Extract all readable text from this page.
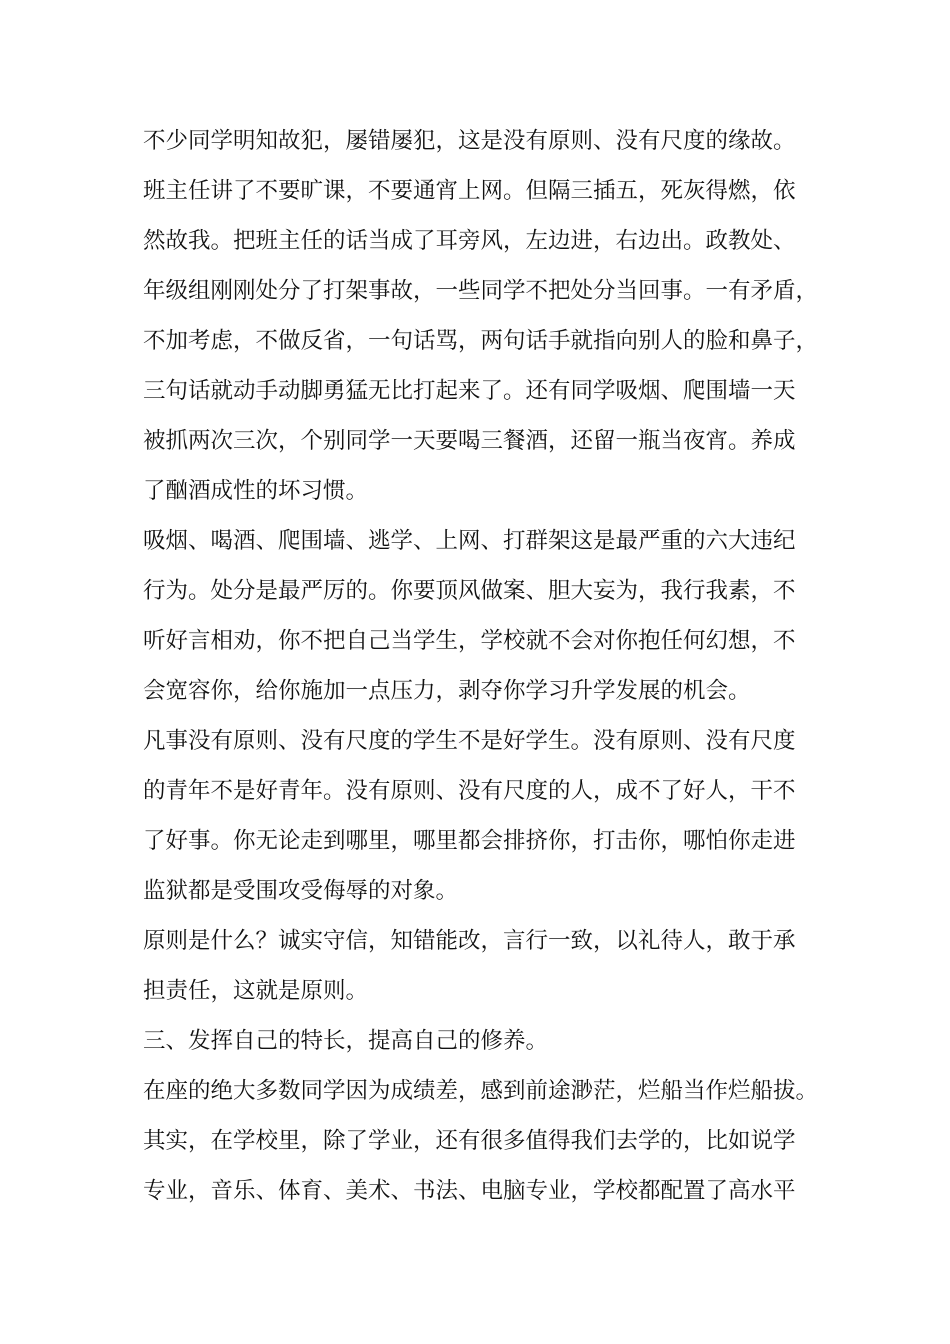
不少同学明知故犯，屡错屡犯，这是没有原则、没有尺度的缘故。
班主任讲了不要旷课，不要通宵上网。但隔三插五，死灰得燃，依
然故我。把班主任的话当成了耳旁风，左边进，右边出。政教处、
年级组刚刚处分了打架事故，一些同学不把处分当回事。一有矛盾，
不加考虑，不做反省，一句话骂，两句话手就指向别人的脸和鼻子，
三句话就动手动脚勇猛无比打起来了。还有同学吸烟、爬围墙一天
被抓两次三次，个别同学一天要喝三餐酒，还留一瓶当夜宵。养成
了酗酒成性的坏习惯。
吸烟、喝酒、爬围墙、逃学、上网、打群架这是最严重的六大违纪
行为。处分是最严厉的。你要顶风做案、胆大妄为，我行我素，不
听好言相劝，你不把自己当学生，学校就不会对你抱任何幻想，不
会宽容你，给你施加一点压力，剥夺你学习升学发展的机会。
凡事没有原则、没有尺度的学生不是好学生。没有原则、没有尺度
的青年不是好青年。没有原则、没有尺度的人，成不了好人，干不
了好事。你无论走到哪里，哪里都会排挤你，打击你，哪怕你走进
监狱都是受围攻受侮辱的对象。
原则是什么？诚实守信，知错能改，言行一致，以礼待人，敢于承
担责任，这就是原则。
三、发挥自己的特长，提高自己的修养。
在座的绝大多数同学因为成绩差，感到前途渺茫，烂船当作烂船拔。
其实，在学校里，除了学业，还有很多值得我们去学的，比如说学
专业，音乐、体育、美术、书法、电脑专业，学校都配置了高水平
